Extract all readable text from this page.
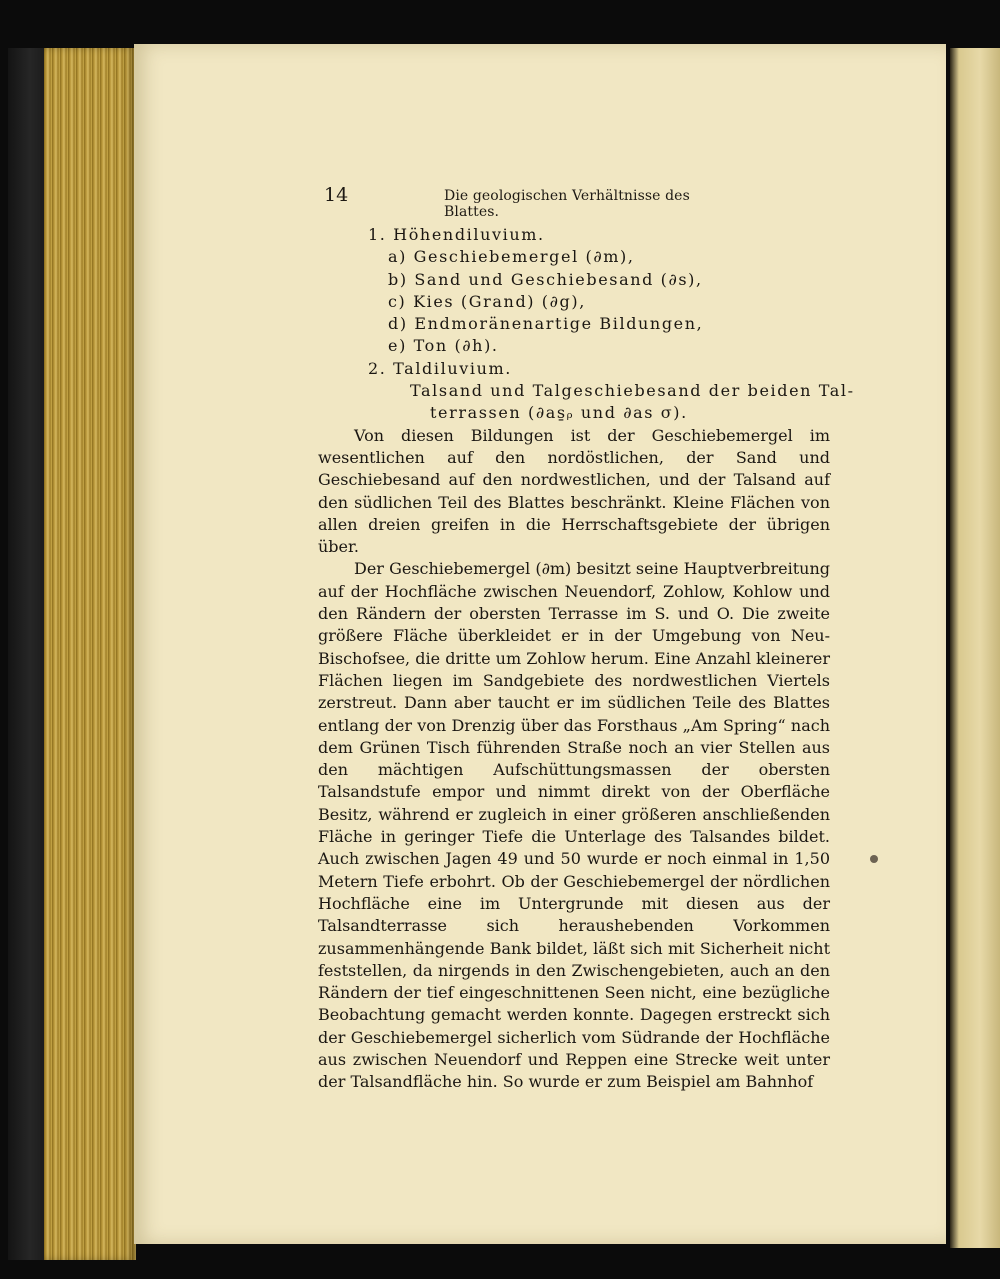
14	Die geologischen Verhältnisse des Blattes.
1. Höhendiluvium.
a) Geschiebemergel (∂m),
b) Sand und Geschiebesand (∂s),
c) Kies (Grand) (∂g),
d) Endmoränenartige Bildungen,
e) Ton (∂h).
2. Taldiluvium.
Talsand und Talgeschiebesand der beiden Tal-
terrassen (∂as̱ᵨ und ∂as σ).

Von diesen Bildungen ist der Geschiebemergel im wesentlichen auf den nordöstlichen, der Sand und Geschiebesand auf den nordwestlichen, und der Talsand auf den südlichen Teil des Blattes beschränkt. Kleine Flächen von allen dreien greifen in die Herrschaftsgebiete der übrigen über.

Der Geschiebemergel (∂m) besitzt seine Hauptverbreitung auf der Hochfläche zwischen Neuendorf, Zohlow, Kohlow und den Rändern der obersten Terrasse im S. und O. Die zweite größere Fläche überkleidet er in der Umgebung von Neu-Bischofsee, die dritte um Zohlow herum. Eine Anzahl kleinerer Flächen liegen im Sandgebiete des nordwestlichen Viertels zerstreut. Dann aber taucht er im südlichen Teile des Blattes entlang der von Drenzig über das Forsthaus „Am Spring“ nach dem Grünen Tisch führenden Straße noch an vier Stellen aus den mächtigen Aufschüttungsmassen der obersten Talsandstufe empor und nimmt direkt von der Oberfläche Besitz, während er zugleich in einer größeren anschließenden Fläche in geringer Tiefe die Unterlage des Talsandes bildet. Auch zwischen Jagen 49 und 50 wurde er noch einmal in 1,50 Metern Tiefe erbohrt. Ob der Geschiebemergel der nördlichen Hochfläche eine im Untergrunde mit diesen aus der Talsandterrasse sich heraushebenden Vorkommen zusammenhängende Bank bildet, läßt sich mit Sicherheit nicht feststellen, da nirgends in den Zwischengebieten, auch an den Rändern der tief eingeschnittenen Seen nicht, eine bezügliche Beobachtung gemacht werden konnte. Dagegen erstreckt sich der Geschiebemergel sicherlich vom Südrande der Hochfläche aus zwischen Neuendorf und Reppen eine Strecke weit unter der Talsandfläche hin. So wurde er zum Beispiel am Bahnhof
